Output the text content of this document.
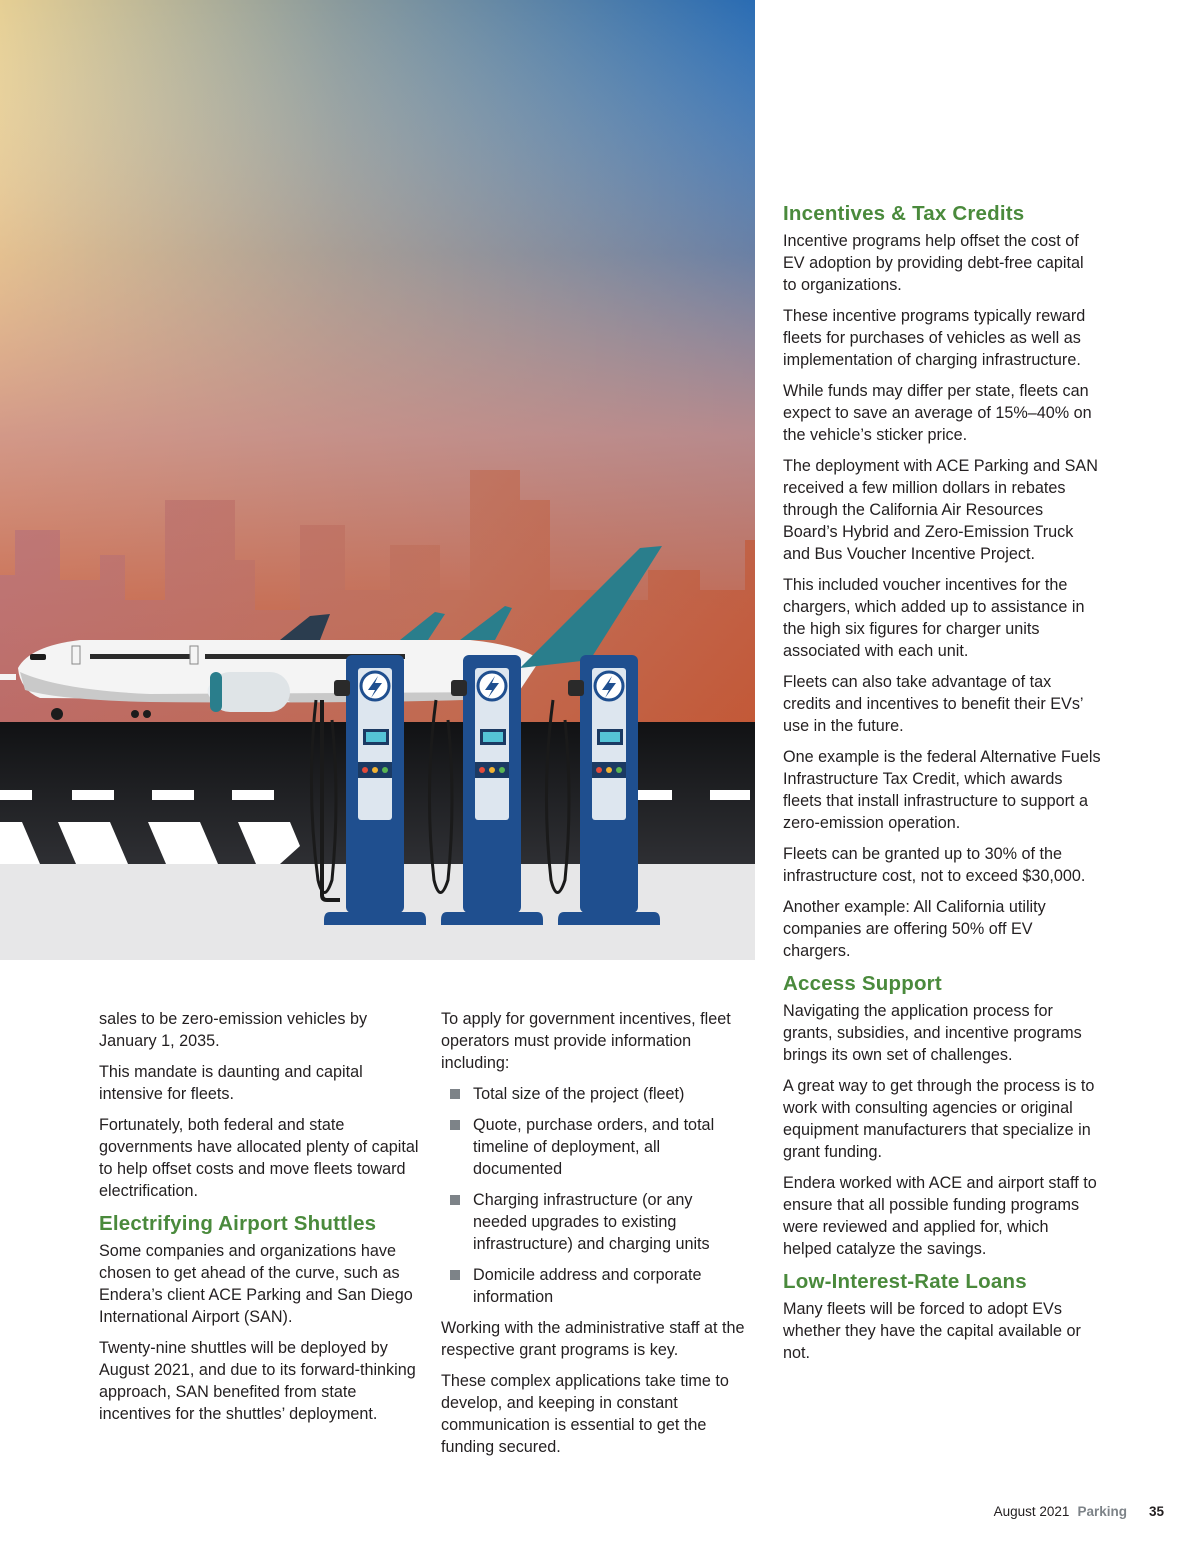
sales to be zero-emission vehicles by January 1, 2035.

This mandate is daunting and capital intensive for fleets.

Fortunately, both federal and state governments have allocated plenty of capital to help offset costs and move fleets toward electrification.

Electrifying Airport Shuttles

Some companies and organizations have chosen to get ahead of the curve, such as Endera’s client ACE Parking and San Diego International Airport (SAN).

Twenty-nine shuttles will be deployed by August 2021, and due to its forward-thinking approach, SAN benefited from state incentives for the shuttles’ deployment.

To apply for government incentives, fleet operators must provide information including:

Total size of the project (fleet)
Quote, purchase orders, and total timeline of deployment, all documented
Charging infrastructure (or any needed upgrades to existing infrastructure) and charging units
Domicile address and corporate information

Working with the administrative staff at the respective grant programs is key.

These complex applications take time to develop, and keeping in constant communication is essential to get the funding secured.

Incentives & Tax Credits

Incentive programs help offset the cost of EV adoption by providing debt-free capital to organizations.

These incentive programs typically reward fleets for purchases of vehicles as well as implementation of charging infrastructure.

While funds may differ per state, fleets can expect to save an average of 15%–40% on the vehicle’s sticker price.

The deployment with ACE Parking and SAN received a few million dollars in rebates through the California Air Resources Board’s Hybrid and Zero-Emission Truck and Bus Voucher Incentive Project.

This included voucher incentives for the chargers, which added up to assistance in the high six figures for charger units associated with each unit.

Fleets can also take advantage of tax credits and incentives to benefit their EVs’ use in the future.

One example is the federal Alternative Fuels Infrastructure Tax Credit, which awards fleets that install infrastructure to support a zero-emission operation.

Fleets can be granted up to 30% of the infrastructure cost, not to exceed $30,000.

Another example: All California utility companies are offering 50% off EV chargers.

Access Support

Navigating the application process for grants, subsidies, and incentive programs brings its own set of challenges.

A great way to get through the process is to work with consulting agencies or original equipment manufacturers that specialize in grant funding.

Endera worked with ACE and airport staff to ensure that all possible funding programs were reviewed and applied for, which helped catalyze the savings.

Low-Interest-Rate Loans

Many fleets will be forced to adopt EVs whether they have the capital available or not.

August 2021 Parking 35
